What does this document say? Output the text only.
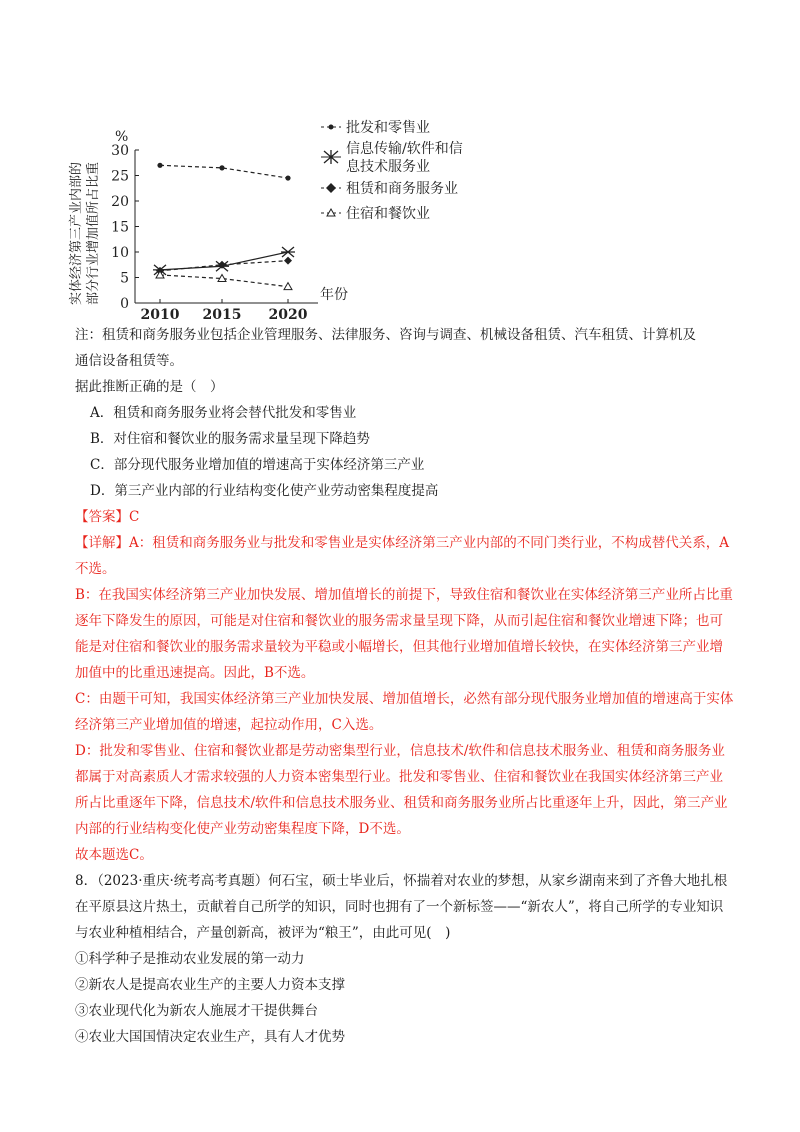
实体经济第三产业内部的 部分行业增加值所占比重
%
年份
0
5
10
15
20
25
30
2010 2015 2020
批发和零售业
信息传输/软件和信
息技术服务业
租赁和商务服务业
住宿和餐饮业

注：租赁和商务服务业包括企业管理服务、法律服务、咨询与调查、机械设备租赁、汽车租赁、计算机及
通信设备租赁等。

据此推断正确的是（　）

A．租赁和商务服务业将会替代批发和零售业

B．对住宿和餐饮业的服务需求量呈现下降趋势

C．部分现代服务业增加值的增速高于实体经济第三产业

D．第三产业内部的行业结构变化使产业劳动密集程度提高

【答案】C

【详解】A：租赁和商务服务业与批发和零售业是实体经济第三产业内部的不同门类行业，不构成替代关系，A不选。

B：在我国实体经济第三产业加快发展、增加值增长的前提下，导致住宿和餐饮业在实体经济第三产业所占比重逐年下降发生的原因，可能是对住宿和餐饮业的服务需求量呈现下降，从而引起住宿和餐饮业增速下降；也可能是对住宿和餐饮业的服务需求量较为平稳或小幅增长，但其他行业增加值增长较快，在实体经济第三产业增加值中的比重迅速提高。因此，B不选。

C：由题干可知，我国实体经济第三产业加快发展、增加值增长，必然有部分现代服务业增加值的增速高于实体经济第三产业增加值的增速，起拉动作用，C入选。

D：批发和零售业、住宿和餐饮业都是劳动密集型行业，信息技术/软件和信息技术服务业、租赁和商务服务业都属于对高素质人才需求较强的人力资本密集型行业。批发和零售业、住宿和餐饮业在我国实体经济第三产业所占比重逐年下降，信息技术/软件和信息技术服务业、租赁和商务服务业所占比重逐年上升，因此，第三产业内部的行业结构变化使产业劳动密集程度下降，D不选。

故本题选C。

8．（2023·重庆·统考高考真题）何石宝，硕士毕业后，怀揣着对农业的梦想，从家乡湖南来到了齐鲁大地扎根在平原县这片热土，贡献着自己所学的知识，同时也拥有了一个新标签——“新农人”，将自己所学的专业知识与农业种植相结合，产量创新高，被评为“粮王”，由此可见(　)

①科学种子是推动农业发展的第一动力

②新农人是提高农业生产的主要人力资本支撑

③农业现代化为新农人施展才干提供舞台

④农业大国国情决定农业生产，具有人才优势
